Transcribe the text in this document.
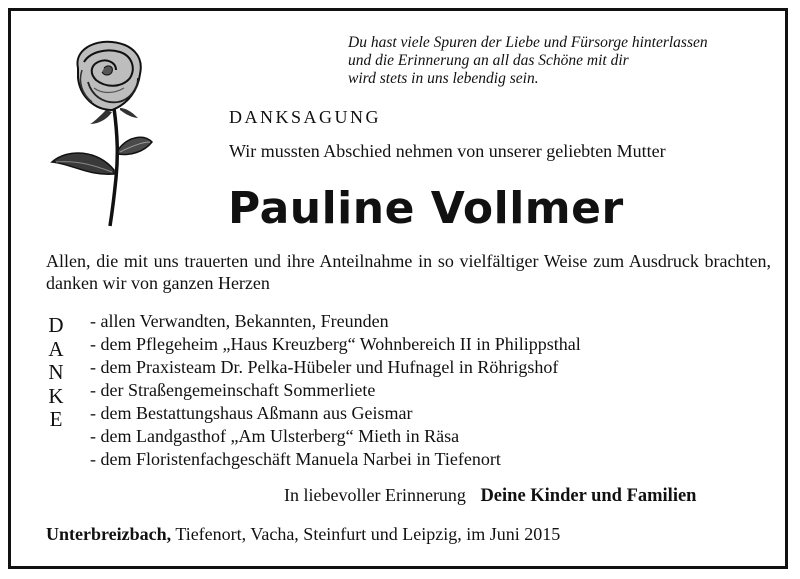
Du hast viele Spuren der Liebe und Fürsorge hinterlassen
und die Erinnerung an all das Schöne mit dir
wird stets in uns lebendig sein.
DANKSAGUNG
Wir mussten Abschied nehmen von unserer geliebten Mutter
Pauline Vollmer
Allen, die mit uns trauerten und ihre Anteilnahme in so vielfältiger Weise zum Ausdruck brachten, danken wir von ganzen Herzen
D
A
N
K
E
- allen Verwandten, Bekannten, Freunden
- dem Pflegeheim „Haus Kreuzberg“ Wohnbereich II in Philippsthal
- dem Praxisteam Dr. Pelka-Hübeler und Hufnagel in Röhrigshof
- der Straßengemeinschaft Sommerliete
- dem Bestattungshaus Aßmann aus Geismar
- dem Landgasthof „Am Ulsterberg“ Mieth in Räsa
- dem Floristenfachgeschäft Manuela Narbei in Tiefenort
In liebevoller Erinnerung Deine Kinder und Familien
Unterbreizbach, Tiefenort, Vacha, Steinfurt und Leipzig, im Juni 2015
